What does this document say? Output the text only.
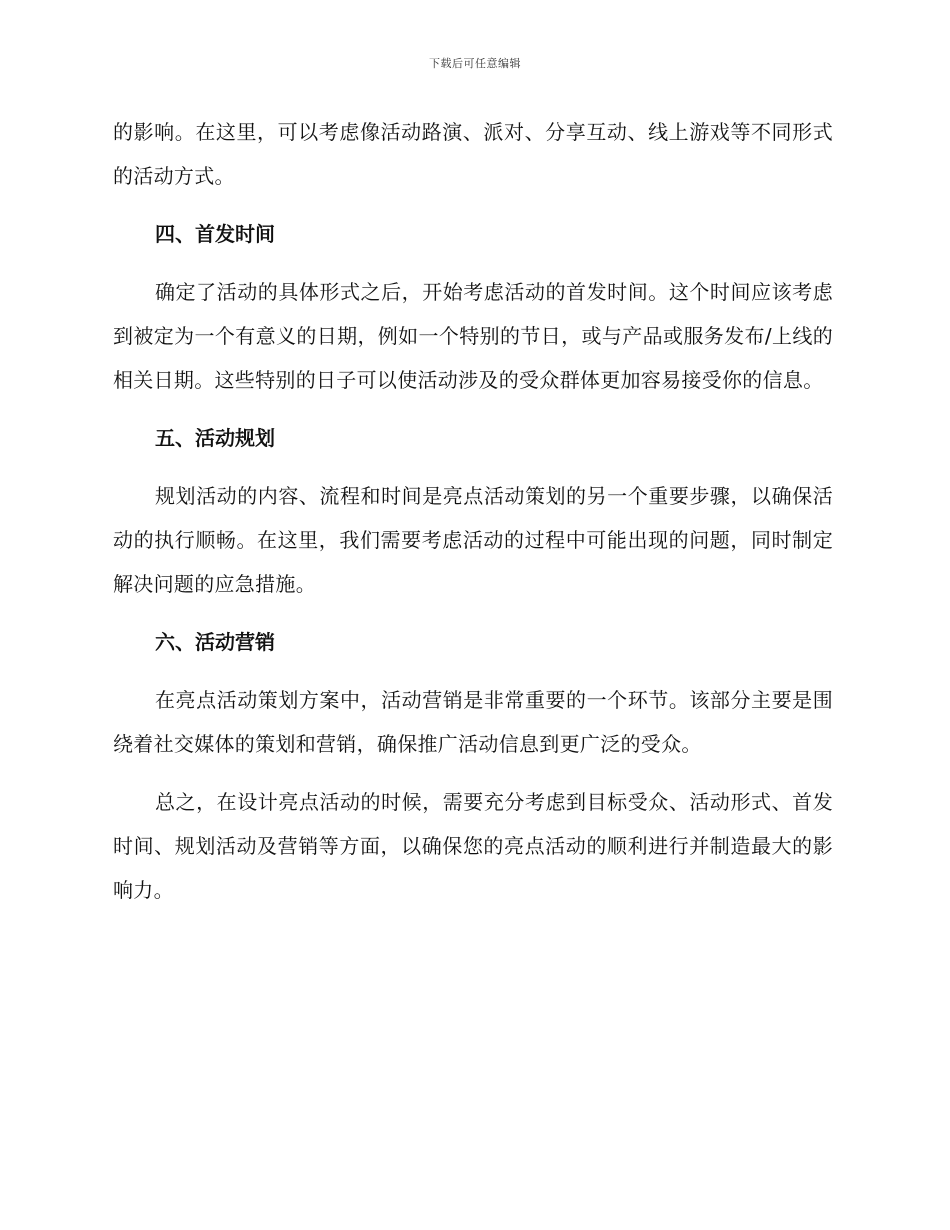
下载后可任意编辑

的影响。在这里，可以考虑像活动路演、派对、分享互动、线上游戏等不同形式的活动方式。

四、首发时间

确定了活动的具体形式之后，开始考虑活动的首发时间。这个时间应该考虑到被定为一个有意义的日期，例如一个特别的节日，或与产品或服务发布/上线的相关日期。这些特别的日子可以使活动涉及的受众群体更加容易接受你的信息。

五、活动规划

规划活动的内容、流程和时间是亮点活动策划的另一个重要步骤，以确保活动的执行顺畅。在这里，我们需要考虑活动的过程中可能出现的问题，同时制定解决问题的应急措施。

六、活动营销

在亮点活动策划方案中，活动营销是非常重要的一个环节。该部分主要是围绕着社交媒体的策划和营销，确保推广活动信息到更广泛的受众。

总之，在设计亮点活动的时候，需要充分考虑到目标受众、活动形式、首发时间、规划活动及营销等方面，以确保您的亮点活动的顺利进行并制造最大的影响力。
